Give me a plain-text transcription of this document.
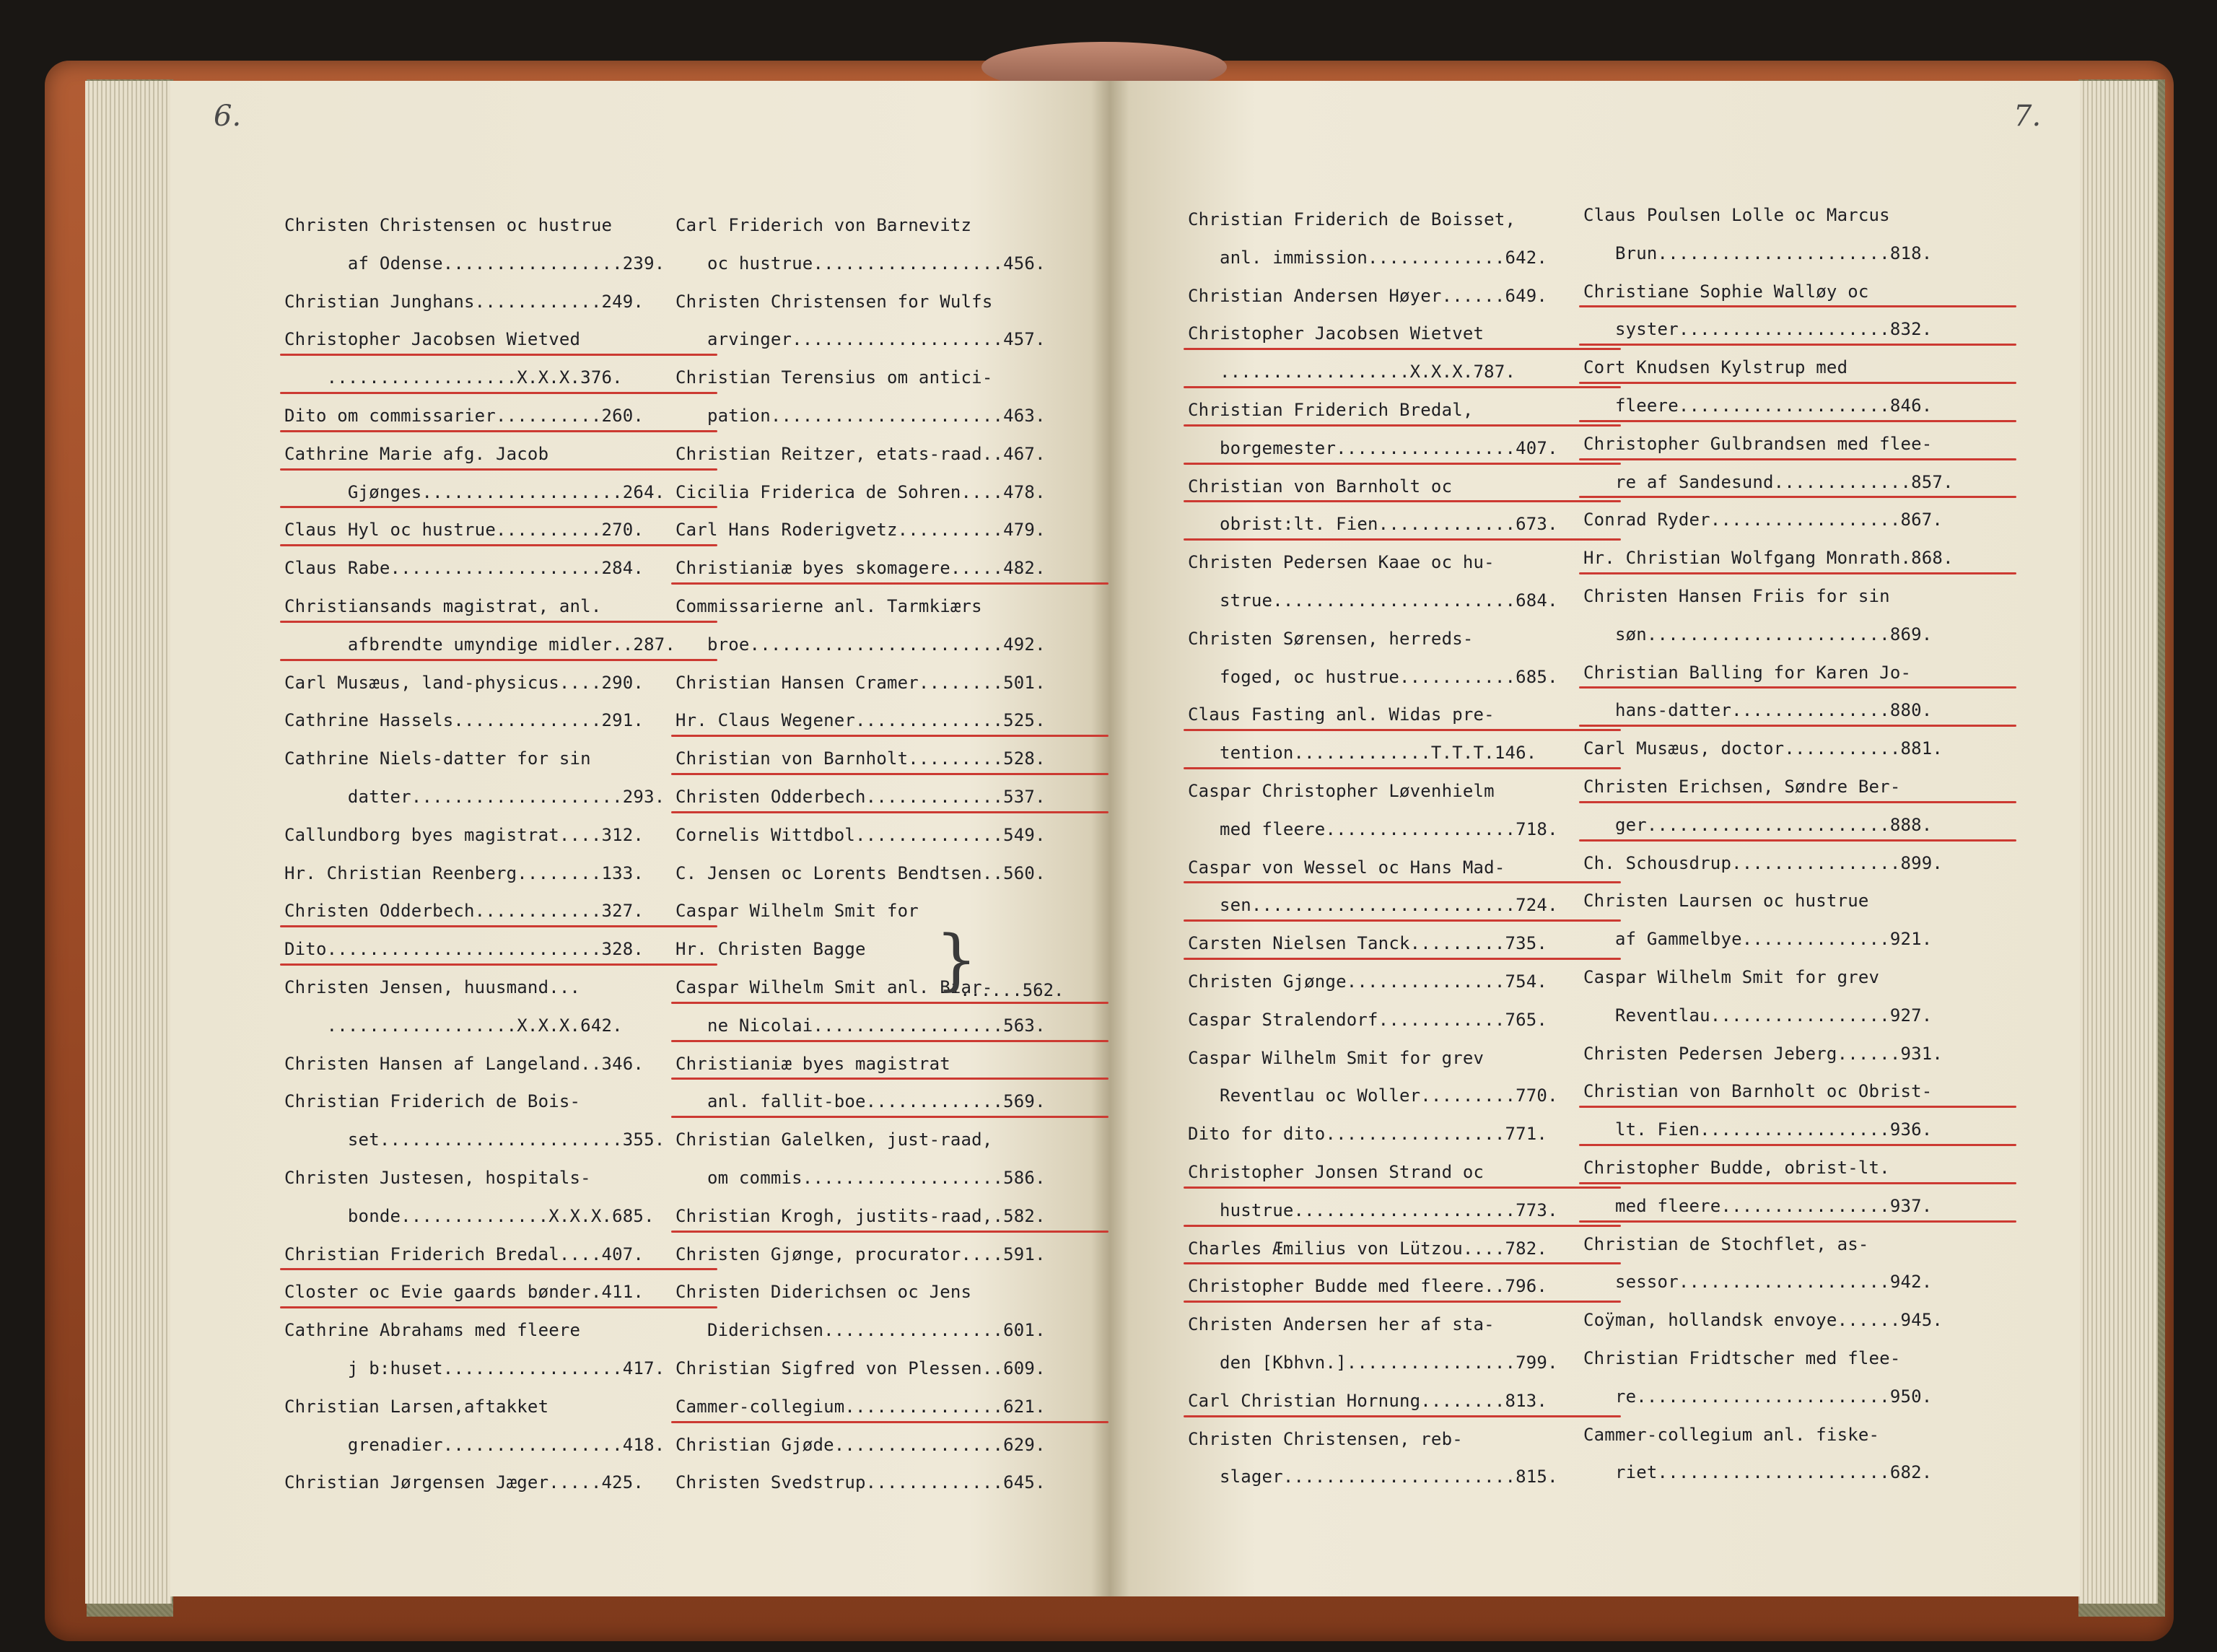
6.
Christen Christensen oc hustrue
af Odense.................239.
Christian Junghans............249.
Christopher Jacobsen Wietved
..................X.X.X.376.
Dito om commissarier..........260.
Cathrine Marie afg. Jacob
Gjønges...................264.
Claus Hyl oc hustrue..........270.
Claus Rabe....................284.
Christiansands magistrat, anl.
afbrendte umyndige midler..287.
Carl Musæus, land-physicus....290.
Cathrine Hassels..............291.
Cathrine Niels-datter for sin
datter....................293.
Callundborg byes magistrat....312.
Hr. Christian Reenberg........133.
Christen Odderbech............327.
Dito..........................328.
Christen Jensen, huusmand...
..................X.X.X.642.
Christen Hansen af Langeland..346.
Christian Friderich de Bois-
set.......................355.
Christen Justesen, hospitals-
bonde..............X.X.X.685.
Christian Friderich Bredal....407.
Closter oc Evie gaards bønder.411.
Cathrine Abrahams med fleere
j b:huset.................417.
Christian Larsen,aftakket
grenadier.................418.
Christian Jørgensen Jæger.....425.
Carl Friderich von Barnevitz
oc hustrue..................456.
Christen Christensen for Wulfs
arvinger....................457.
Christian Terensius om antici-
pation......................463.
Christian Reitzer, etats-raad..467.
Cicilia Friderica de Sohren....478.
Carl Hans Roderigvetz..........479.
Christianiæ byes skomagere.....482.
Commissarierne anl. Tarmkiærs
broe........................492.
Christian Hansen Cramer........501.
Hr. Claus Wegener..............525.
Christian von Barnholt.........528.
Christen Odderbech.............537.
Cornelis Wittdbol..............549.
C. Jensen oc Lorents Bendtsen..560.
Caspar Wilhelm Smit for
Hr. Christen Bagge
Caspar Wilhelm Smit anl. Biar-
ne Nicolai..................563.
Christianiæ byes magistrat
anl. fallit-boe.............569.
Christian Galelken, just-raad,
om commis...................586.
Christian Krogh, justits-raad,.582.
Christen Gjønge, procurator....591.
Christen Diderichsen oc Jens
Diderichsen.................601.
Christian Sigfred von Plessen..609.
Cammer-collegium...............621.
Christian Gjøde................629.
Christen Svedstrup.............645.
}
......562.
7.
Christian Friderich de Boisset,
anl. immission.............642.
Christian Andersen Høyer......649.
Christopher Jacobsen Wietvet
..................X.X.X.787.
Christian Friderich Bredal,
borgemester.................407.
Christian von Barnholt oc
obrist:lt. Fien.............673.
Christen Pedersen Kaae oc hu-
strue.......................684.
Christen Sørensen, herreds-
foged, oc hustrue...........685.
Claus Fasting anl. Widas pre-
tention.............T.T.T.146.
Caspar Christopher Løvenhielm
med fleere..................718.
Caspar von Wessel oc Hans Mad-
sen.........................724.
Carsten Nielsen Tanck.........735.
Christen Gjønge...............754.
Caspar Stralendorf............765.
Caspar Wilhelm Smit for grev
Reventlau oc Woller.........770.
Dito for dito.................771.
Christopher Jonsen Strand oc
hustrue.....................773.
Charles Æmilius von Lützou....782.
Christopher Budde med fleere..796.
Christen Andersen her af sta-
den [Kbhvn.]................799.
Carl Christian Hornung........813.
Christen Christensen, reb-
slager......................815.
Claus Poulsen Lolle oc Marcus
Brun......................818.
Christiane Sophie Walløy oc
syster....................832.
Cort Knudsen Kylstrup med
fleere....................846.
Christopher Gulbrandsen med flee-
re af Sandesund.............857.
Conrad Ryder..................867.
Hr. Christian Wolfgang Monrath.868.
Christen Hansen Friis for sin
søn.......................869.
Christian Balling for Karen Jo-
hans-datter...............880.
Carl Musæus, doctor...........881.
Christen Erichsen, Søndre Ber-
ger.......................888.
Ch. Schousdrup................899.
Christen Laursen oc hustrue
af Gammelbye..............921.
Caspar Wilhelm Smit for grev
Reventlau.................927.
Christen Pedersen Jeberg......931.
Christian von Barnholt oc Obrist-
lt. Fien..................936.
Christopher Budde, obrist-lt.
med fleere................937.
Christian de Stochflet, as-
sessor....................942.
Coÿman, hollandsk envoye......945.
Christian Fridtscher med flee-
re........................950.
Cammer-collegium anl. fiske-
riet......................682.
